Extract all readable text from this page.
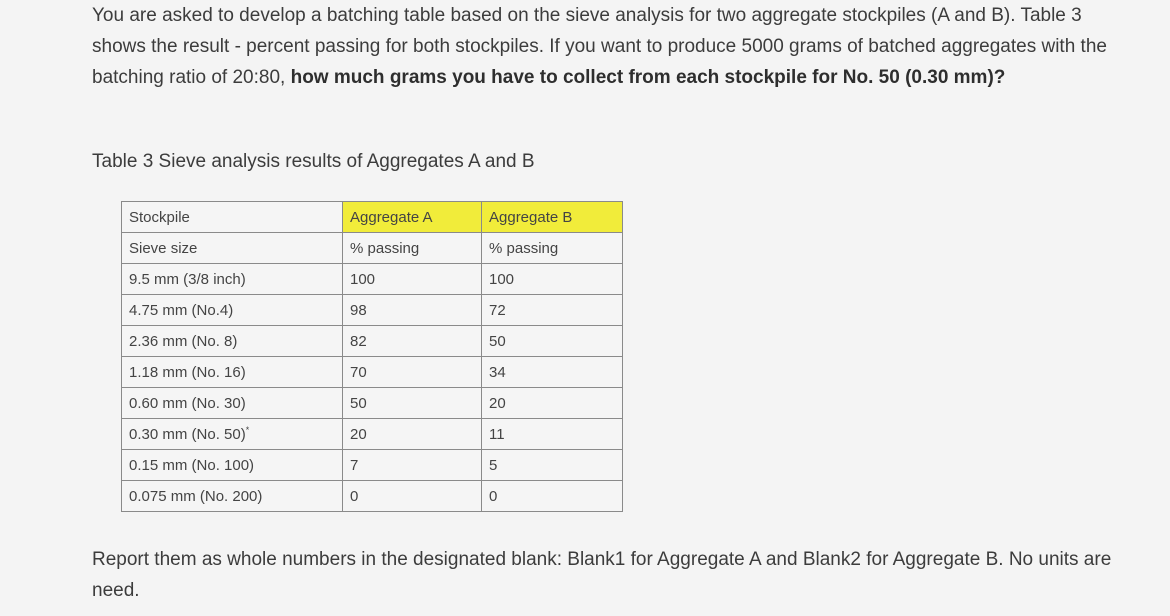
You are asked to develop a batching table based on the sieve analysis for two aggregate stockpiles (A and B). Table 3 shows the result - percent passing for both stockpiles. If you want to produce 5000 grams of batched aggregates with the batching ratio of 20:80, how much grams you have to collect from each stockpile for No. 50 (0.30 mm)?
Table 3 Sieve analysis results of Aggregates A and B
Stockpile	Aggregate A	Aggregate B
Sieve size	% passing	% passing
9.5 mm (3/8 inch)	100	100
4.75 mm (No.4)	98	72
2.36 mm (No. 8)	82	50
1.18 mm (No. 16)	70	34
0.60 mm (No. 30)	50	20
0.30 mm (No. 50)*	20	11
0.15 mm (No. 100)	7	5
0.075 mm (No. 200)	0	0
Report them as whole numbers in the designated blank: Blank1 for Aggregate A and Blank2 for Aggregate B. No units are need.
